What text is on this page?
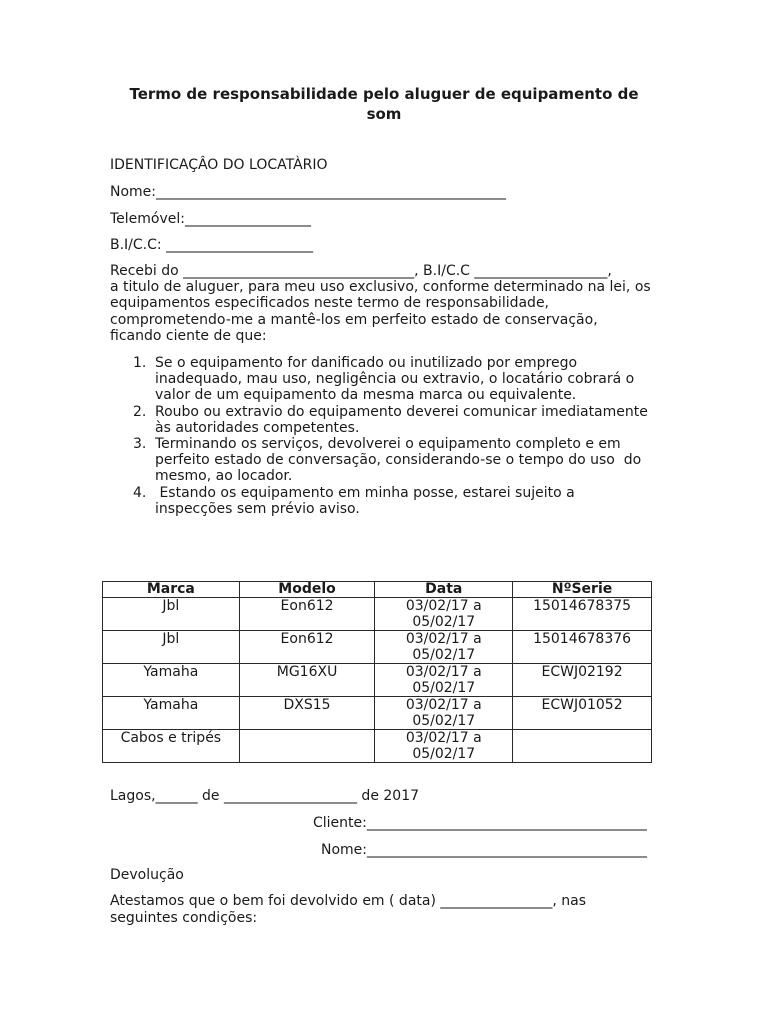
Termo de responsabilidade pelo aluguer de equipamento de
som
IDENTIFICAÇÂO DO LOCATÀRIO
Nome:__________________________________________________
Telemóvel:__________________
B.I/C.C: _____________________
Recebi do _________________________________, B.I/C.C ___________________,
a titulo de aluguer, para meu uso exclusivo, conforme determinado na lei, os
equipamentos especificados neste termo de responsabilidade,
comprometendo-me a mantê-los em perfeito estado de conservação,
ficando ciente de que:
1. Se o equipamento for danificado ou inutilizado por emprego
inadequado, mau uso, negligência ou extravio, o locatário cobrará o
valor de um equipamento da mesma marca ou equivalente.
2. Roubo ou extravio do equipamento deverei comunicar imediatamente
às autoridades competentes.
3. Terminando os serviços, devolverei o equipamento completo e em
perfeito estado de conversação, considerando-se o tempo do uso  do
mesmo, ao locador.
4. Estando os equipamento em minha posse, estarei sujeito a
inspecções sem prévio aviso.
Marca	Modelo	Data	NºSerie
Jbl	Eon612	03/02/17 a
05/02/17	15014678375
Jbl	Eon612	03/02/17 a
05/02/17	15014678376
Yamaha	MG16XU	03/02/17 a
05/02/17	ECWJ02192
Yamaha	DXS15	03/02/17 a
05/02/17	ECWJ01052
Cabos e tripés		03/02/17 a
05/02/17	

Lagos,______ de ___________________ de 2017
Cliente:________________________________________
Nome:________________________________________
Devolução
Atestamos que o bem foi devolvido em ( data) ________________, nas
seguintes condições:
